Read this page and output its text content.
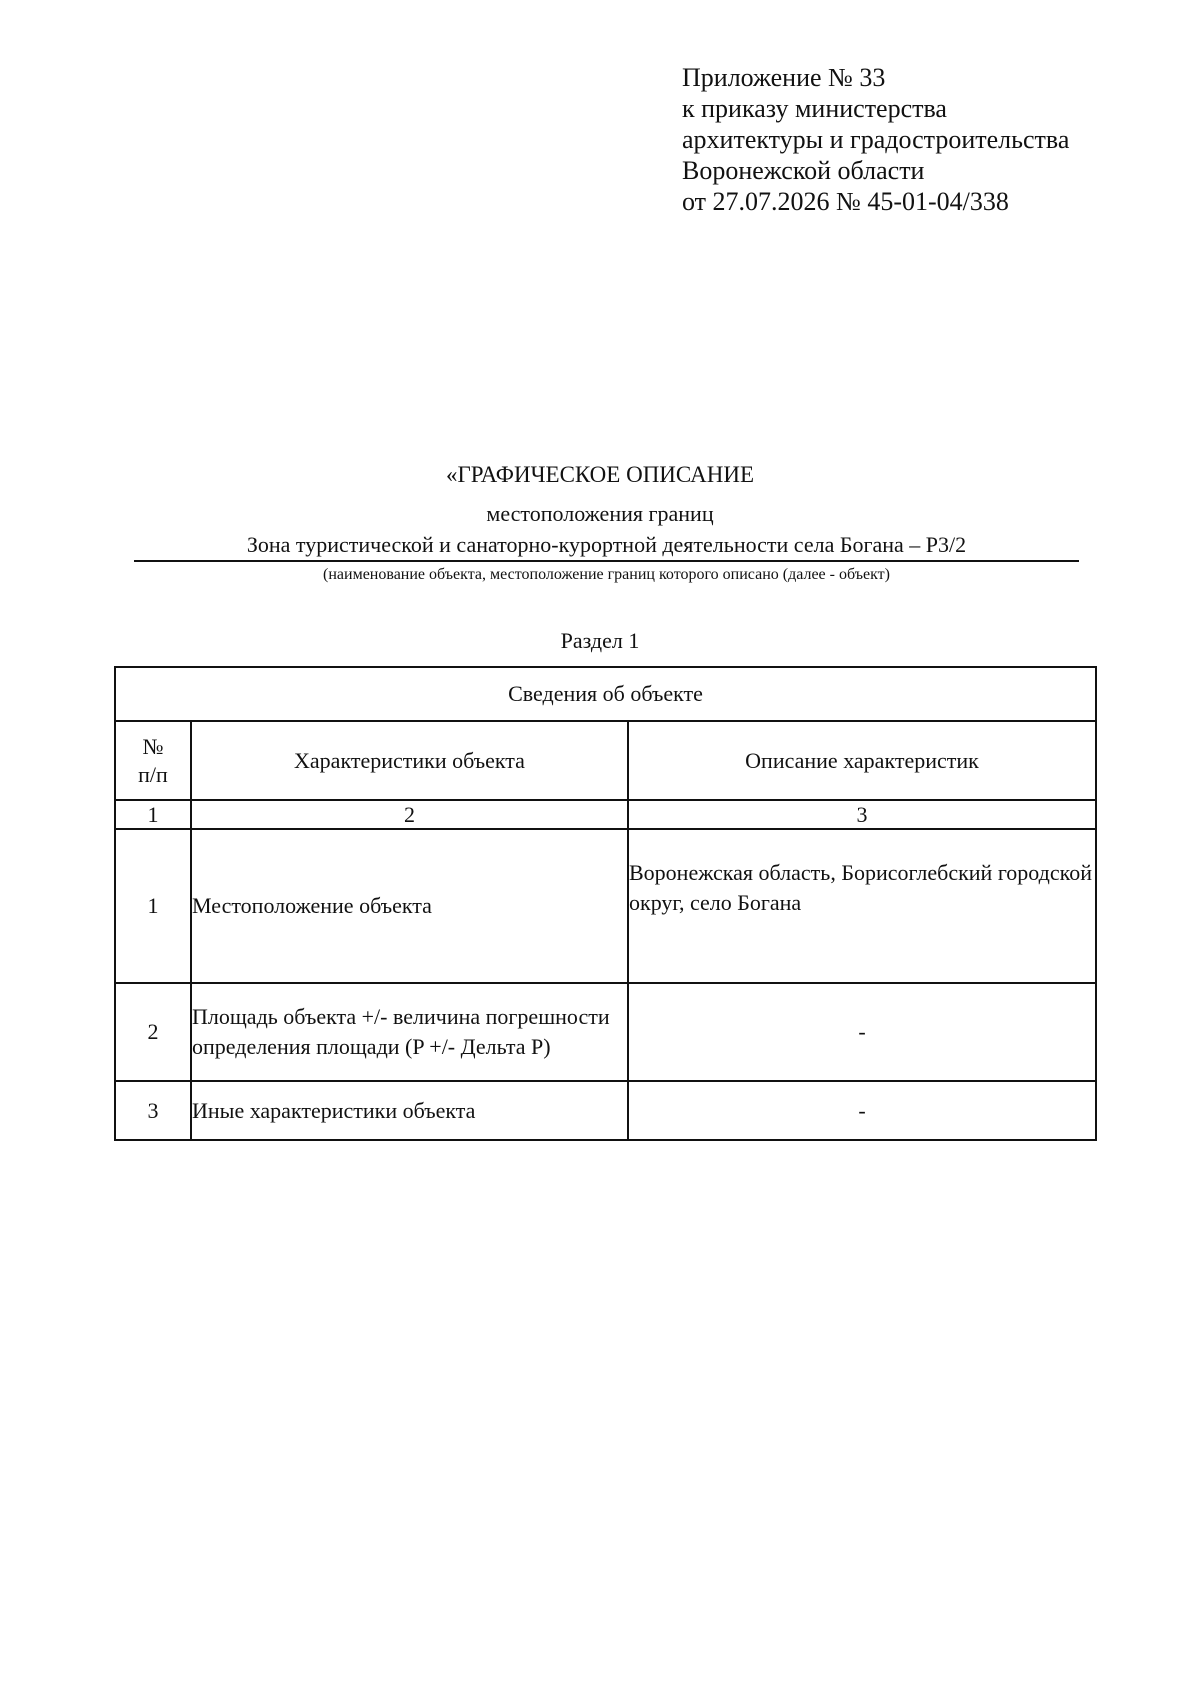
Приложение № 33
к приказу министерства
архитектуры и градостроительства
Воронежской области
от 27.07.2026 № 45-01-04/338
«ГРАФИЧЕСКОЕ ОПИСАНИЕ
местоположения границ
Зона туристической и санаторно-курортной деятельности села Богана – Р3/2
(наименование объекта, местоположение границ которого описано (далее - объект)
Раздел 1
Сведения об объекте		

№
п/п	Характеристики объекта	Описание характеристик
1	2	3
1	Местоположение объекта	Воронежская область, Борисоглебский городской округ, село Богана
2	Площадь объекта +/- величина погрешности определения площади (P +/- Дельта P)	-
3	Иные характеристики объекта	-
